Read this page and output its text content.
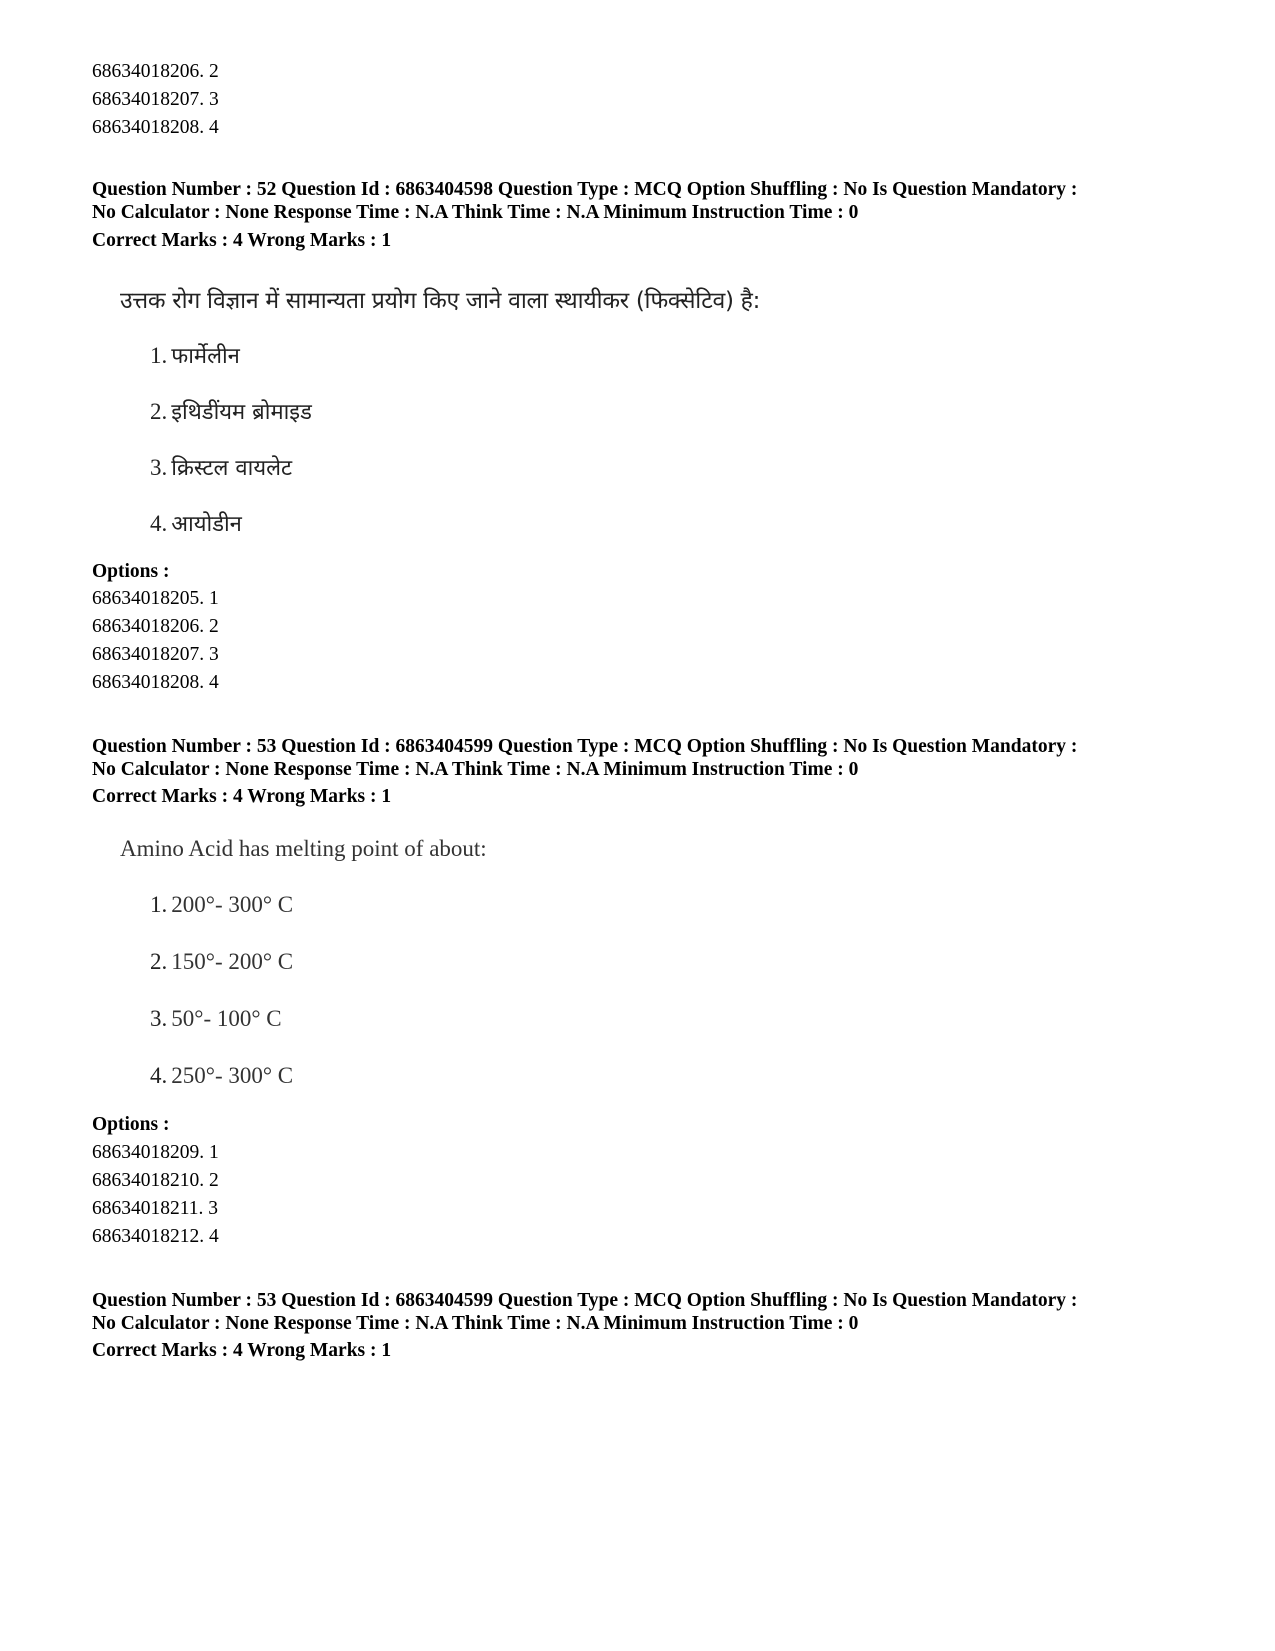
68634018206. 2
68634018207. 3
68634018208. 4
Question Number : 52 Question Id : 6863404598 Question Type : MCQ Option Shuffling : No Is Question Mandatory :
No Calculator : None Response Time : N.A Think Time : N.A Minimum Instruction Time : 0
Correct Marks : 4 Wrong Marks : 1
उत्तक रोग विज्ञान में सामान्यता प्रयोग किए जाने वाला स्थायीकर (फिक्सेटिव) है:
1. फार्मेलीन
2. इथिडींयम ब्रोमाइड
3. क्रिस्टल वायलेट
4. आयोडीन
Options :
68634018205. 1
68634018206. 2
68634018207. 3
68634018208. 4
Question Number : 53 Question Id : 6863404599 Question Type : MCQ Option Shuffling : No Is Question Mandatory :
No Calculator : None Response Time : N.A Think Time : N.A Minimum Instruction Time : 0
Correct Marks : 4 Wrong Marks : 1
Amino Acid has melting point of about:
1. 200°- 300° C
2. 150°- 200° C
3. 50°- 100° C
4. 250°- 300° C
Options :
68634018209. 1
68634018210. 2
68634018211. 3
68634018212. 4
Question Number : 53 Question Id : 6863404599 Question Type : MCQ Option Shuffling : No Is Question Mandatory :
No Calculator : None Response Time : N.A Think Time : N.A Minimum Instruction Time : 0
Correct Marks : 4 Wrong Marks : 1
